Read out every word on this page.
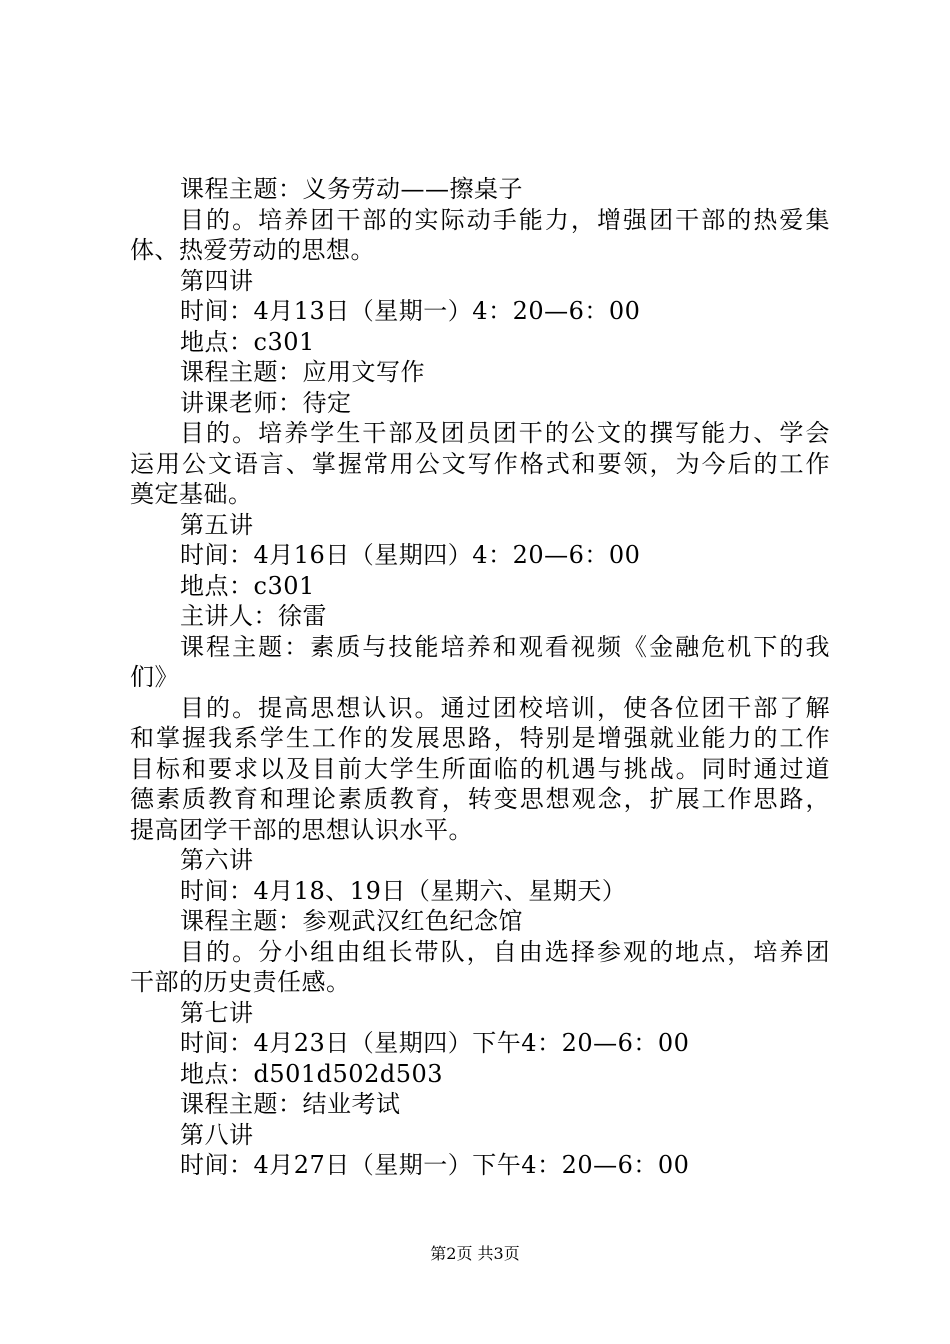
课程主题：义务劳动——擦桌子
目的。培养团干部的实际动手能力，增强团干部的热爱集
体、热爱劳动的思想。
第四讲
时间：4月13日（星期一）4：20—6：00
地点：c301
课程主题：应用文写作
讲课老师：待定
目的。培养学生干部及团员团干的公文的撰写能力、学会
运用公文语言、掌握常用公文写作格式和要领，为今后的工作
奠定基础。
第五讲
时间：4月16日（星期四）4：20—6：00
地点：c301
主讲人：徐雷
课程主题：素质与技能培养和观看视频《金融危机下的我
们》
目的。提高思想认识。通过团校培训，使各位团干部了解
和掌握我系学生工作的发展思路，特别是增强就业能力的工作
目标和要求以及目前大学生所面临的机遇与挑战。同时通过道
德素质教育和理论素质教育，转变思想观念，扩展工作思路，
提高团学干部的思想认识水平。
第六讲
时间：4月18、19日（星期六、星期天）
课程主题：参观武汉红色纪念馆
目的。分小组由组长带队，自由选择参观的地点，培养团
干部的历史责任感。
第七讲
时间：4月23日（星期四）下午4：20—6：00
地点：d501d502d503
课程主题：结业考试
第八讲
时间：4月27日（星期一）下午4：20—6：00
第2页 共3页
